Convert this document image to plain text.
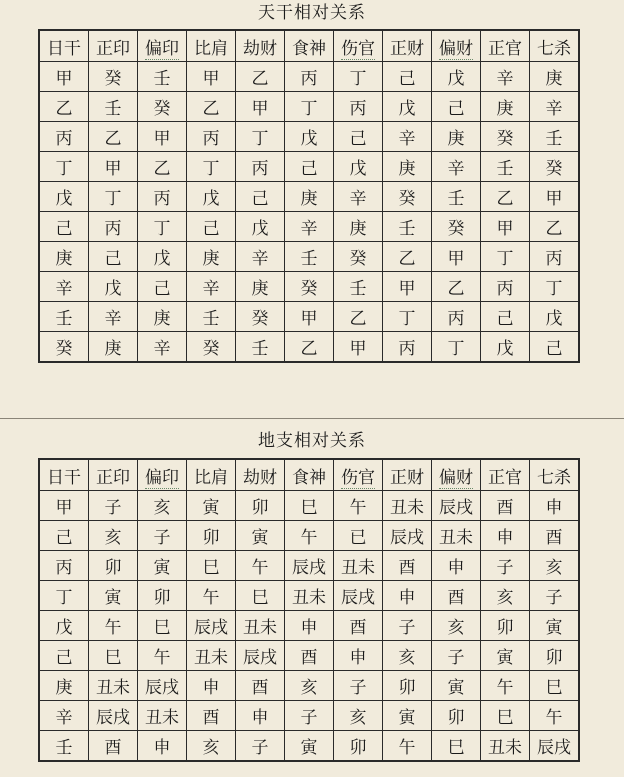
天干相对关系
日干	正印	偏印	比肩	劫财	食神	伤官	正财	偏财	正官	七杀
甲	癸	壬	甲	乙	丙	丁	己	戊	辛	庚
乙	壬	癸	乙	甲	丁	丙	戊	己	庚	辛
丙	乙	甲	丙	丁	戊	己	辛	庚	癸	壬
丁	甲	乙	丁	丙	己	戊	庚	辛	壬	癸
戊	丁	丙	戊	己	庚	辛	癸	壬	乙	甲
己	丙	丁	己	戊	辛	庚	壬	癸	甲	乙
庚	己	戊	庚	辛	壬	癸	乙	甲	丁	丙
辛	戊	己	辛	庚	癸	壬	甲	乙	丙	丁
壬	辛	庚	壬	癸	甲	乙	丁	丙	己	戊
癸	庚	辛	癸	壬	乙	甲	丙	丁	戊	己
地支相对关系
日干	正印	偏印	比肩	劫财	食神	伤官	正财	偏财	正官	七杀
甲	子	亥	寅	卯	巳	午	丑未	辰戌	酉	申
己	亥	子	卯	寅	午	已	辰戌	丑未	申	酉
丙	卯	寅	巳	午	辰戌	丑未	酉	申	子	亥
丁	寅	卯	午	巳	丑未	辰戌	申	酉	亥	子
戊	午	巳	辰戌	丑未	申	酉	子	亥	卯	寅
己	巳	午	丑未	辰戌	酉	申	亥	子	寅	卯
庚	丑未	辰戌	申	酉	亥	子	卯	寅	午	巳
辛	辰戌	丑未	酉	申	子	亥	寅	卯	巳	午
壬	酉	申	亥	子	寅	卯	午	巳	丑未	辰戌
